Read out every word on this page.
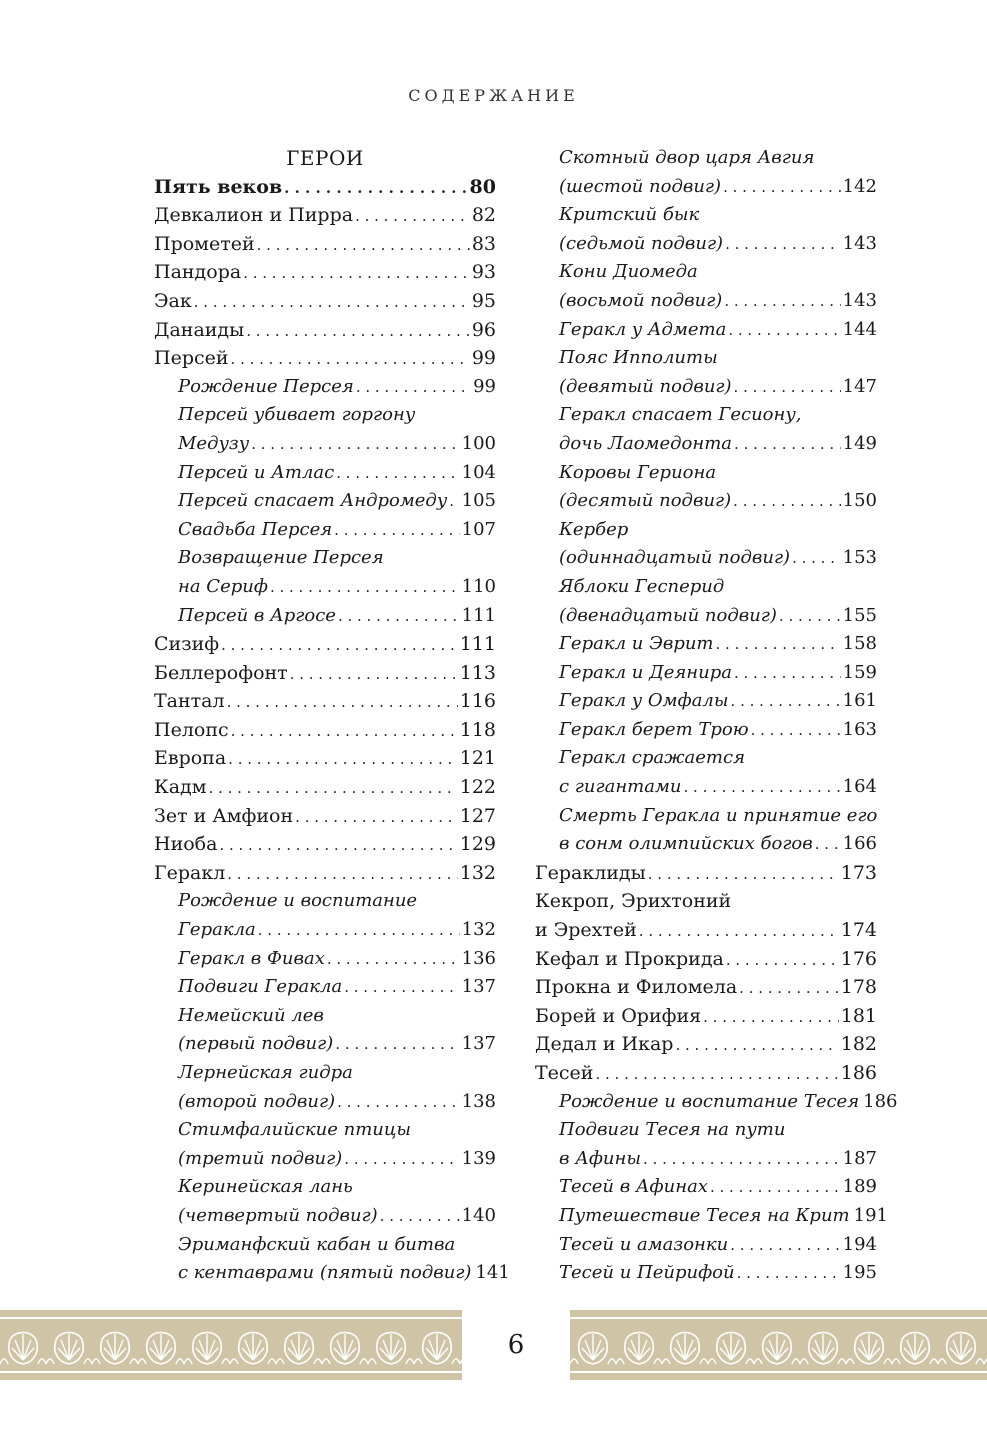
СОДЕРЖАНИЕ
ГЕРОИ
Пять веков . . .	80
Девкалион и Пирра . . .	82
Прометей . . .	83
Пандора . . .	93
Эак . . .	95
Данаиды . . .	96
Персей . . .	99
Рождение Персея . . .	99
Персей убивает горгону
Медузу . . .	100
Персей и Атлас . . .	104
Персей спасает Андромеду . . . 105
Свадьба Персея . . .	107
Возвращение Персея
на Сериф . . .	110
Персей в Аргосе . . .	111
Сизиф . . .	111
Беллерофонт . . .	113
Тантал . . .	116
Пелопс . . .	118
Европа . . .	121
Кадм . . .	122
Зет и Амфион . . .	127
Ниоба . . .	129
Геракл . . .	132
Рождение и воспитание
Геракла . . .	132
Геракл в Фивах . . .	136
Подвиги Геракла . . .	137
Немейский лев
(первый подвиг) . . .	137
Лернейская гидра
(второй подвиг) . . .	138
Стимфалийские птицы
(третий подвиг) . . .	139
Керинейская лань
(четвертый подвиг) . . .	140
Эриманфский кабан и битва
с кентаврами (пятый подвиг) 141
Скотный двор царя Авгия
(шестой подвиг) . . .	142
Критский бык
(седьмой подвиг) . . .	143
Кони Диомеда
(восьмой подвиг) . . .	143
Геракл у Адмета . . .	144
Пояс Ипполиты
(девятый подвиг) . . .	147
Геракл спасает Гесиону,
дочь Лаомедонта . . .	149
Коровы Гериона
(десятый подвиг) . . .	150
Кербер
(одиннадцатый подвиг) . . .	153
Яблоки Гесперид
(двенадцатый подвиг) . . .	155
Геракл и Эврит . . .	158
Геракл и Деянира . . .	159
Геракл у Омфалы . . .	161
Геракл берет Трою . . .	163
Геракл сражается
с гигантами . . .	164
Смерть Геракла и принятие его
в сонм олимпийских богов . . . 166
Гераклиды . . .	173
Кекроп, Эрихтоний
и Эрехтей . . .	174
Кефал и Прокрида . . .	176
Прокна и Филомела . . .	178
Борей и Орифия . . .	181
Дедал и Икар . . .	182
Тесей . . .	186
Рождение и воспитание Тесея 186
Подвиги Тесея на пути
в Афины . . .	187
Тесей в Афинах . . .	189
Путешествие Тесея на Крит 191
Тесей и амазонки . . .	194
Тесей и Пейрифой . . .	195
6
